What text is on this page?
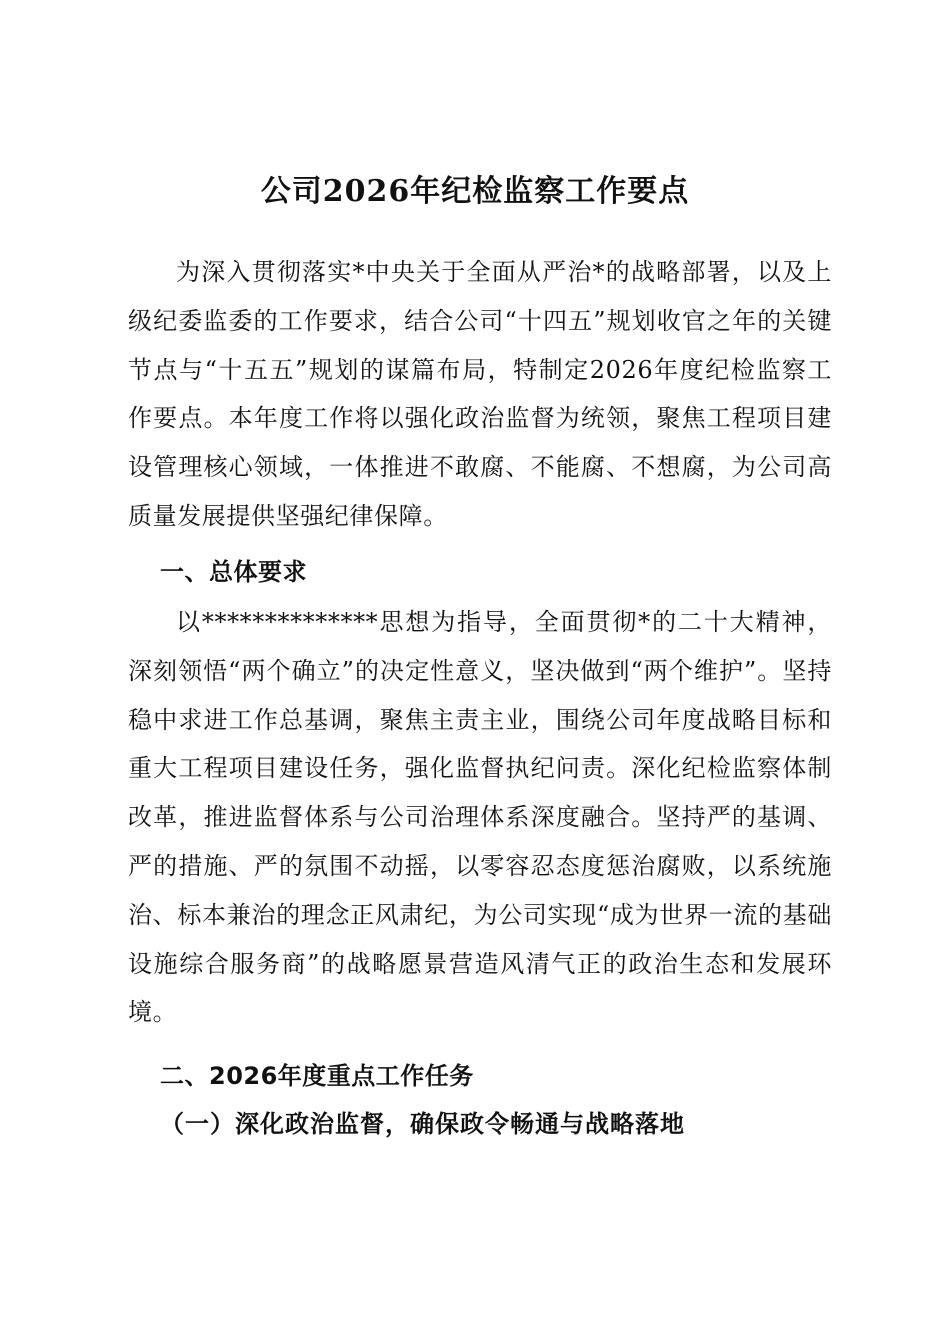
公司2026年纪检监察工作要点

为深入贯彻落实*中央关于全面从严治*的战略部署，以及上级纪委监委的工作要求，结合公司“十四五”规划收官之年的关键节点与“十五五”规划的谋篇布局，特制定2026年度纪检监察工作要点。本年度工作将以强化政治监督为统领，聚焦工程项目建设管理核心领域，一体推进不敢腐、不能腐、不想腐，为公司高质量发展提供坚强纪律保障。

一、总体要求

以**************思想为指导，全面贯彻*的二十大精神，深刻领悟“两个确立”的决定性意义，坚决做到“两个维护”。坚持稳中求进工作总基调，聚焦主责主业，围绕公司年度战略目标和重大工程项目建设任务，强化监督执纪问责。深化纪检监察体制改革，推进监督体系与公司治理体系深度融合。坚持严的基调、严的措施、严的氛围不动摇，以零容忍态度惩治腐败，以系统施治、标本兼治的理念正风肃纪，为公司实现“成为世界一流的基础设施综合服务商”的战略愿景营造风清气正的政治生态和发展环境。

二、2026年度重点工作任务
（一）深化政治监督，确保政令畅通与战略落地
